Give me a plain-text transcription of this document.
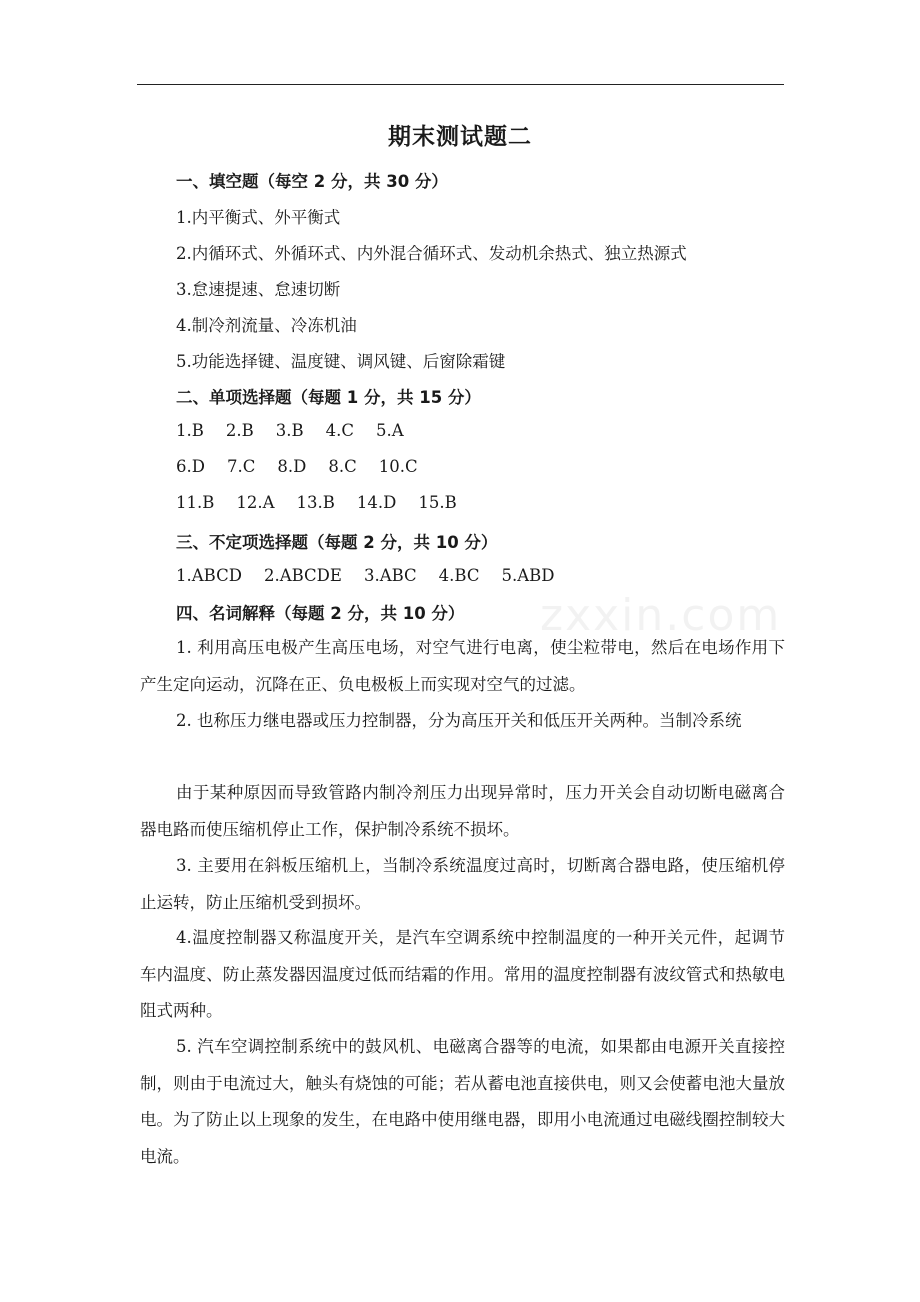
zxxin.com
期末测试题二
一、填空题（每空 2 分，共 30 分）
1.内平衡式、外平衡式
2.内循环式、外循环式、内外混合循环式、发动机余热式、独立热源式
3.怠速提速、怠速切断
4.制冷剂流量、冷冻机油
5.功能选择键、温度键、调风键、后窗除霜键
二、单项选择题（每题 1 分，共 15 分）
1.B 2.B 3.B 4.C 5.A
6.D 7.C 8.D 8.C 10.C
11.B 12.A 13.B 14.D 15.B
三、不定项选择题（每题 2 分，共 10 分）
1.ABCD 2.ABCDE 3.ABC 4.BC 5.ABD
四、名词解释（每题 2 分，共 10 分）

1. 利用高压电极产生高压电场，对空气进行电离，使尘粒带电，然后在电场作用下产生定向运动，沉降在正、负电极板上而实现对空气的过滤。

2. 也称压力继电器或压力控制器，分为高压开关和低压开关两种。当制冷系统

由于某种原因而导致管路内制冷剂压力出现异常时，压力开关会自动切断电磁离合器电路而使压缩机停止工作，保护制冷系统不损坏。

3. 主要用在斜板压缩机上，当制冷系统温度过高时，切断离合器电路，使压缩机停止运转，防止压缩机受到损坏。

4.温度控制器又称温度开关，是汽车空调系统中控制温度的一种开关元件，起调节车内温度、防止蒸发器因温度过低而结霜的作用。常用的温度控制器有波纹管式和热敏电阻式两种。

5. 汽车空调控制系统中的鼓风机、电磁离合器等的电流，如果都由电源开关直接控制，则由于电流过大，触头有烧蚀的可能；若从蓄电池直接供电，则又会使蓄电池大量放电。为了防止以上现象的发生，在电路中使用继电器，即用小电流通过电磁线圈控制较大电流。
